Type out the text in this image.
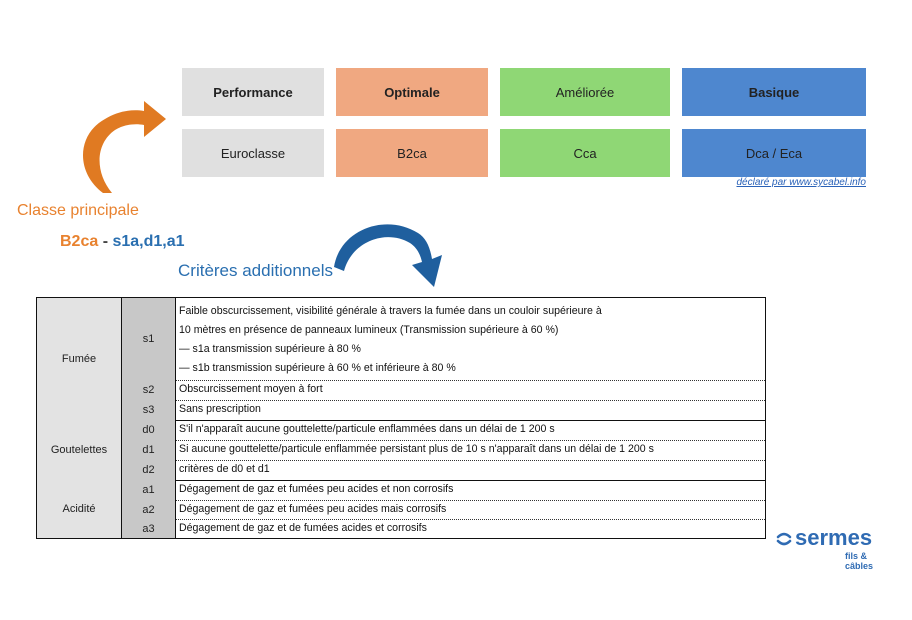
Performance	Optimale	Améliorée	Basique
Euroclasse	B2ca	Cca	Dca / Eca
déclaré par www.sycabel.info
Classe principale
B2ca - s1a,d1,a1
Critères additionnels
Fumée
s1
Faible obscurcissement, visibilité générale à travers la fumée dans un couloir supérieure à
10 mètres en présence de panneaux lumineux (Transmission supérieure à 60 %)
— s1a transmission supérieure à 80 %
— s1b transmission supérieure à 60 % et inférieure à 80 %
s2	Obscurcissement moyen à fort
s3	Sans prescription
Goutelettes
d0	S'il n'apparaît aucune gouttelette/particule enflammées dans un délai de 1 200 s
d1	Si aucune gouttelette/particule enflammée persistant plus de 10 s n'apparaît dans un délai de 1 200 s
d2	critères de d0 et d1
Acidité
a1	Dégagement de gaz et fumées peu acides et non corrosifs
a2	Dégagement de gaz et fumées peu acides mais corrosifs
a3	Dégagement de gaz et de fumées acides et corrosifs	sermes
fils & câbles
